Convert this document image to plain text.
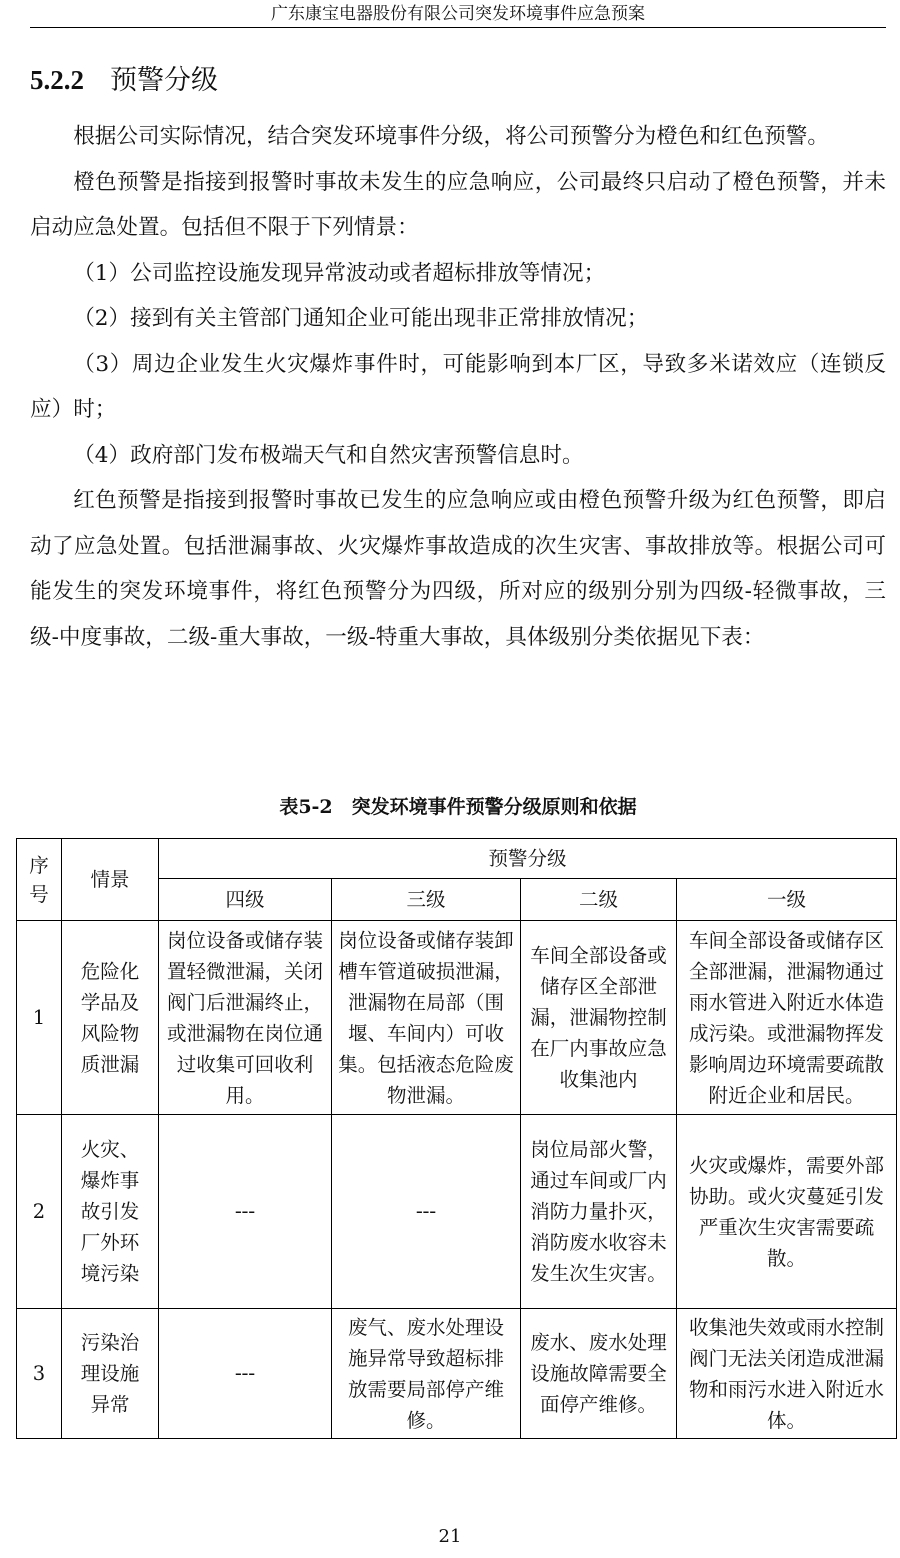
广东康宝电器股份有限公司突发环境事件应急预案
5.2.2 预警分级

根据公司实际情况，结合突发环境事件分级，将公司预警分为橙色和红色预警。

橙色预警是指接到报警时事故未发生的应急响应，公司最终只启动了橙色预警，并未启动应急处置。包括但不限于下列情景：

（1）公司监控设施发现异常波动或者超标排放等情况；

（2）接到有关主管部门通知企业可能出现非正常排放情况；

（3）周边企业发生火灾爆炸事件时，可能影响到本厂区，导致多米诺效应（连锁反应）时；

（4）政府部门发布极端天气和自然灾害预警信息时。

红色预警是指接到报警时事故已发生的应急响应或由橙色预警升级为红色预警，即启动了应急处置。包括泄漏事故、火灾爆炸事故造成的次生灾害、事故排放等。根据公司可能发生的突发环境事件，将红色预警分为四级，所对应的级别分别为四级-轻微事故，三级-中度事故，二级-重大事故，一级-特重大事故，具体级别分类依据见下表：

表5-2　突发环境事件预警分级原则和依据
序号	情景	预警分级			
		四级	三级	二级	一级
1	危险化学品及风险物质泄漏	岗位设备或储存装置轻微泄漏，关闭阀门后泄漏终止，或泄漏物在岗位通过收集可回收利用。	岗位设备或储存装卸槽车管道破损泄漏，泄漏物在局部（围堰、车间内）可收集。包括液态危险废物泄漏。	车间全部设备或储存区全部泄漏，泄漏物控制在厂内事故应急收集池内	车间全部设备或储存区全部泄漏，泄漏物通过雨水管进入附近水体造成污染。或泄漏物挥发影响周边环境需要疏散附近企业和居民。
2	火灾、爆炸事故引发厂外环境污染	---	---	岗位局部火警，通过车间或厂内消防力量扑灭，消防废水收容未发生次生灾害。	火灾或爆炸，需要外部协助。或火灾蔓延引发严重次生灾害需要疏散。
3	污染治理设施异常	---	废气、废水处理设施异常导致超标排放需要局部停产维修。	废水、废水处理设施故障需要全面停产维修。	收集池失效或雨水控制阀门无法关闭造成泄漏物和雨污水进入附近水体。
21
